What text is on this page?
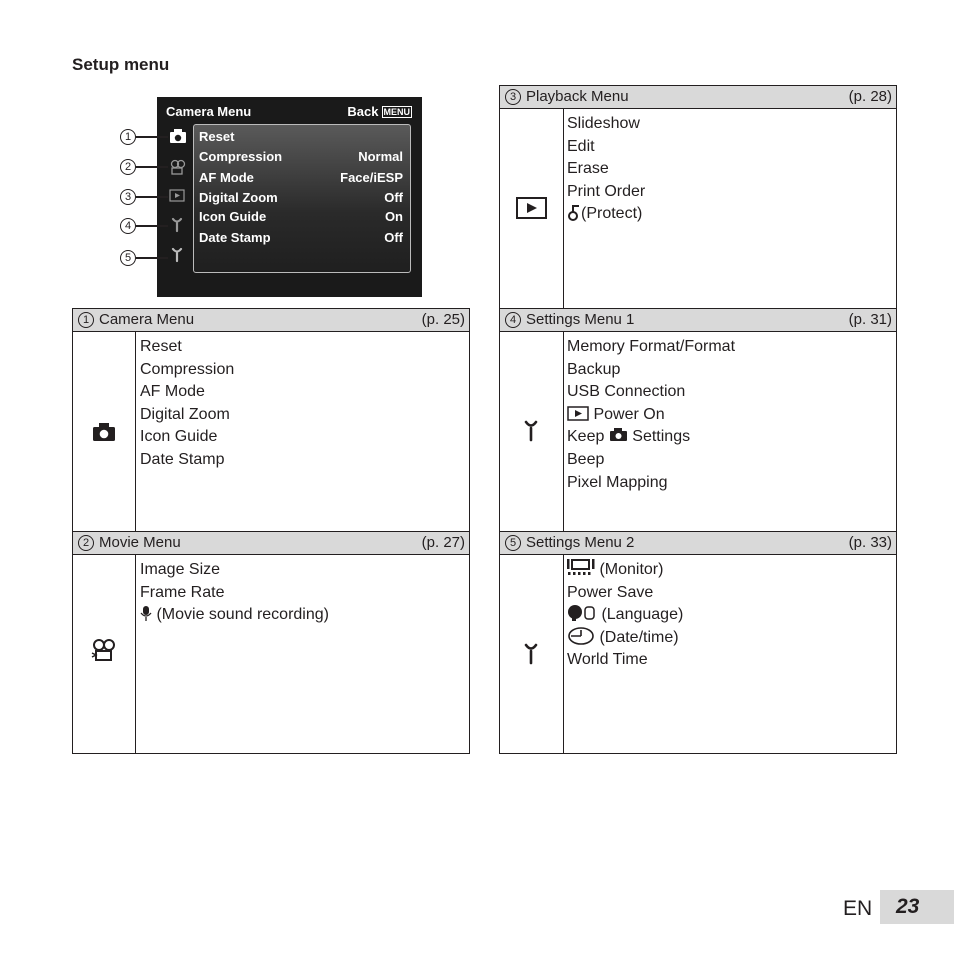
Setup menu
Camera Menu	Back MENU
Reset
Compression	Normal
AF Mode	Face/iESP
Digital Zoom	Off
Icon Guide	On
Date Stamp	Off
1
2
3
4
5
1 Camera Menu	(p. 25)
Reset
Compression
AF Mode
Digital Zoom
Icon Guide
Date Stamp
2 Movie Menu	(p. 27)
Image Size
Frame Rate
(Movie sound recording)
3 Playback Menu	(p. 28)
Slideshow
Edit
Erase
Print Order
(Protect)
4 Settings Menu 1	(p. 31)
Memory Format/Format
Backup
USB Connection
Power On
Keep Settings
Beep
Pixel Mapping
5 Settings Menu 2	(p. 33)
(Monitor)
Power Save
(Language)
(Date/time)
World Time
EN	23
